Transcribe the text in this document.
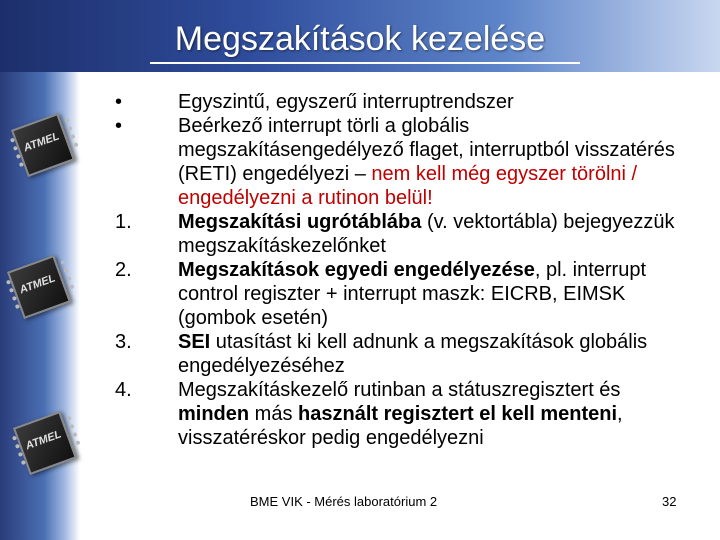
Megszakítások kezelése
ATMEL
ATMEL
ATMEL
•	Egyszintű, egyszerű interruptrendszer
•	Beérkező interrupt törli a globális megszakításengedélyező flaget, interruptból visszatérés (RETI) engedélyezi – nem kell még egyszer törölni / engedélyezni a rutinon belül!
1.	Megszakítási ugrótáblába (v. vektortábla) bejegyezzük megszakításkezelőnket
2.	Megszakítások egyedi engedélyezése, pl. interrupt control regiszter + interrupt maszk: EICRB, EIMSK (gombok esetén)
3.	SEI utasítást ki kell adnunk a megszakítások globális engedélyezéséhez
4.	Megszakításkezelő rutinban a státuszregisztert és minden más használt regisztert el kell menteni, visszatéréskor pedig engedélyezni
BME VIK - Mérés laboratórium 2	32
